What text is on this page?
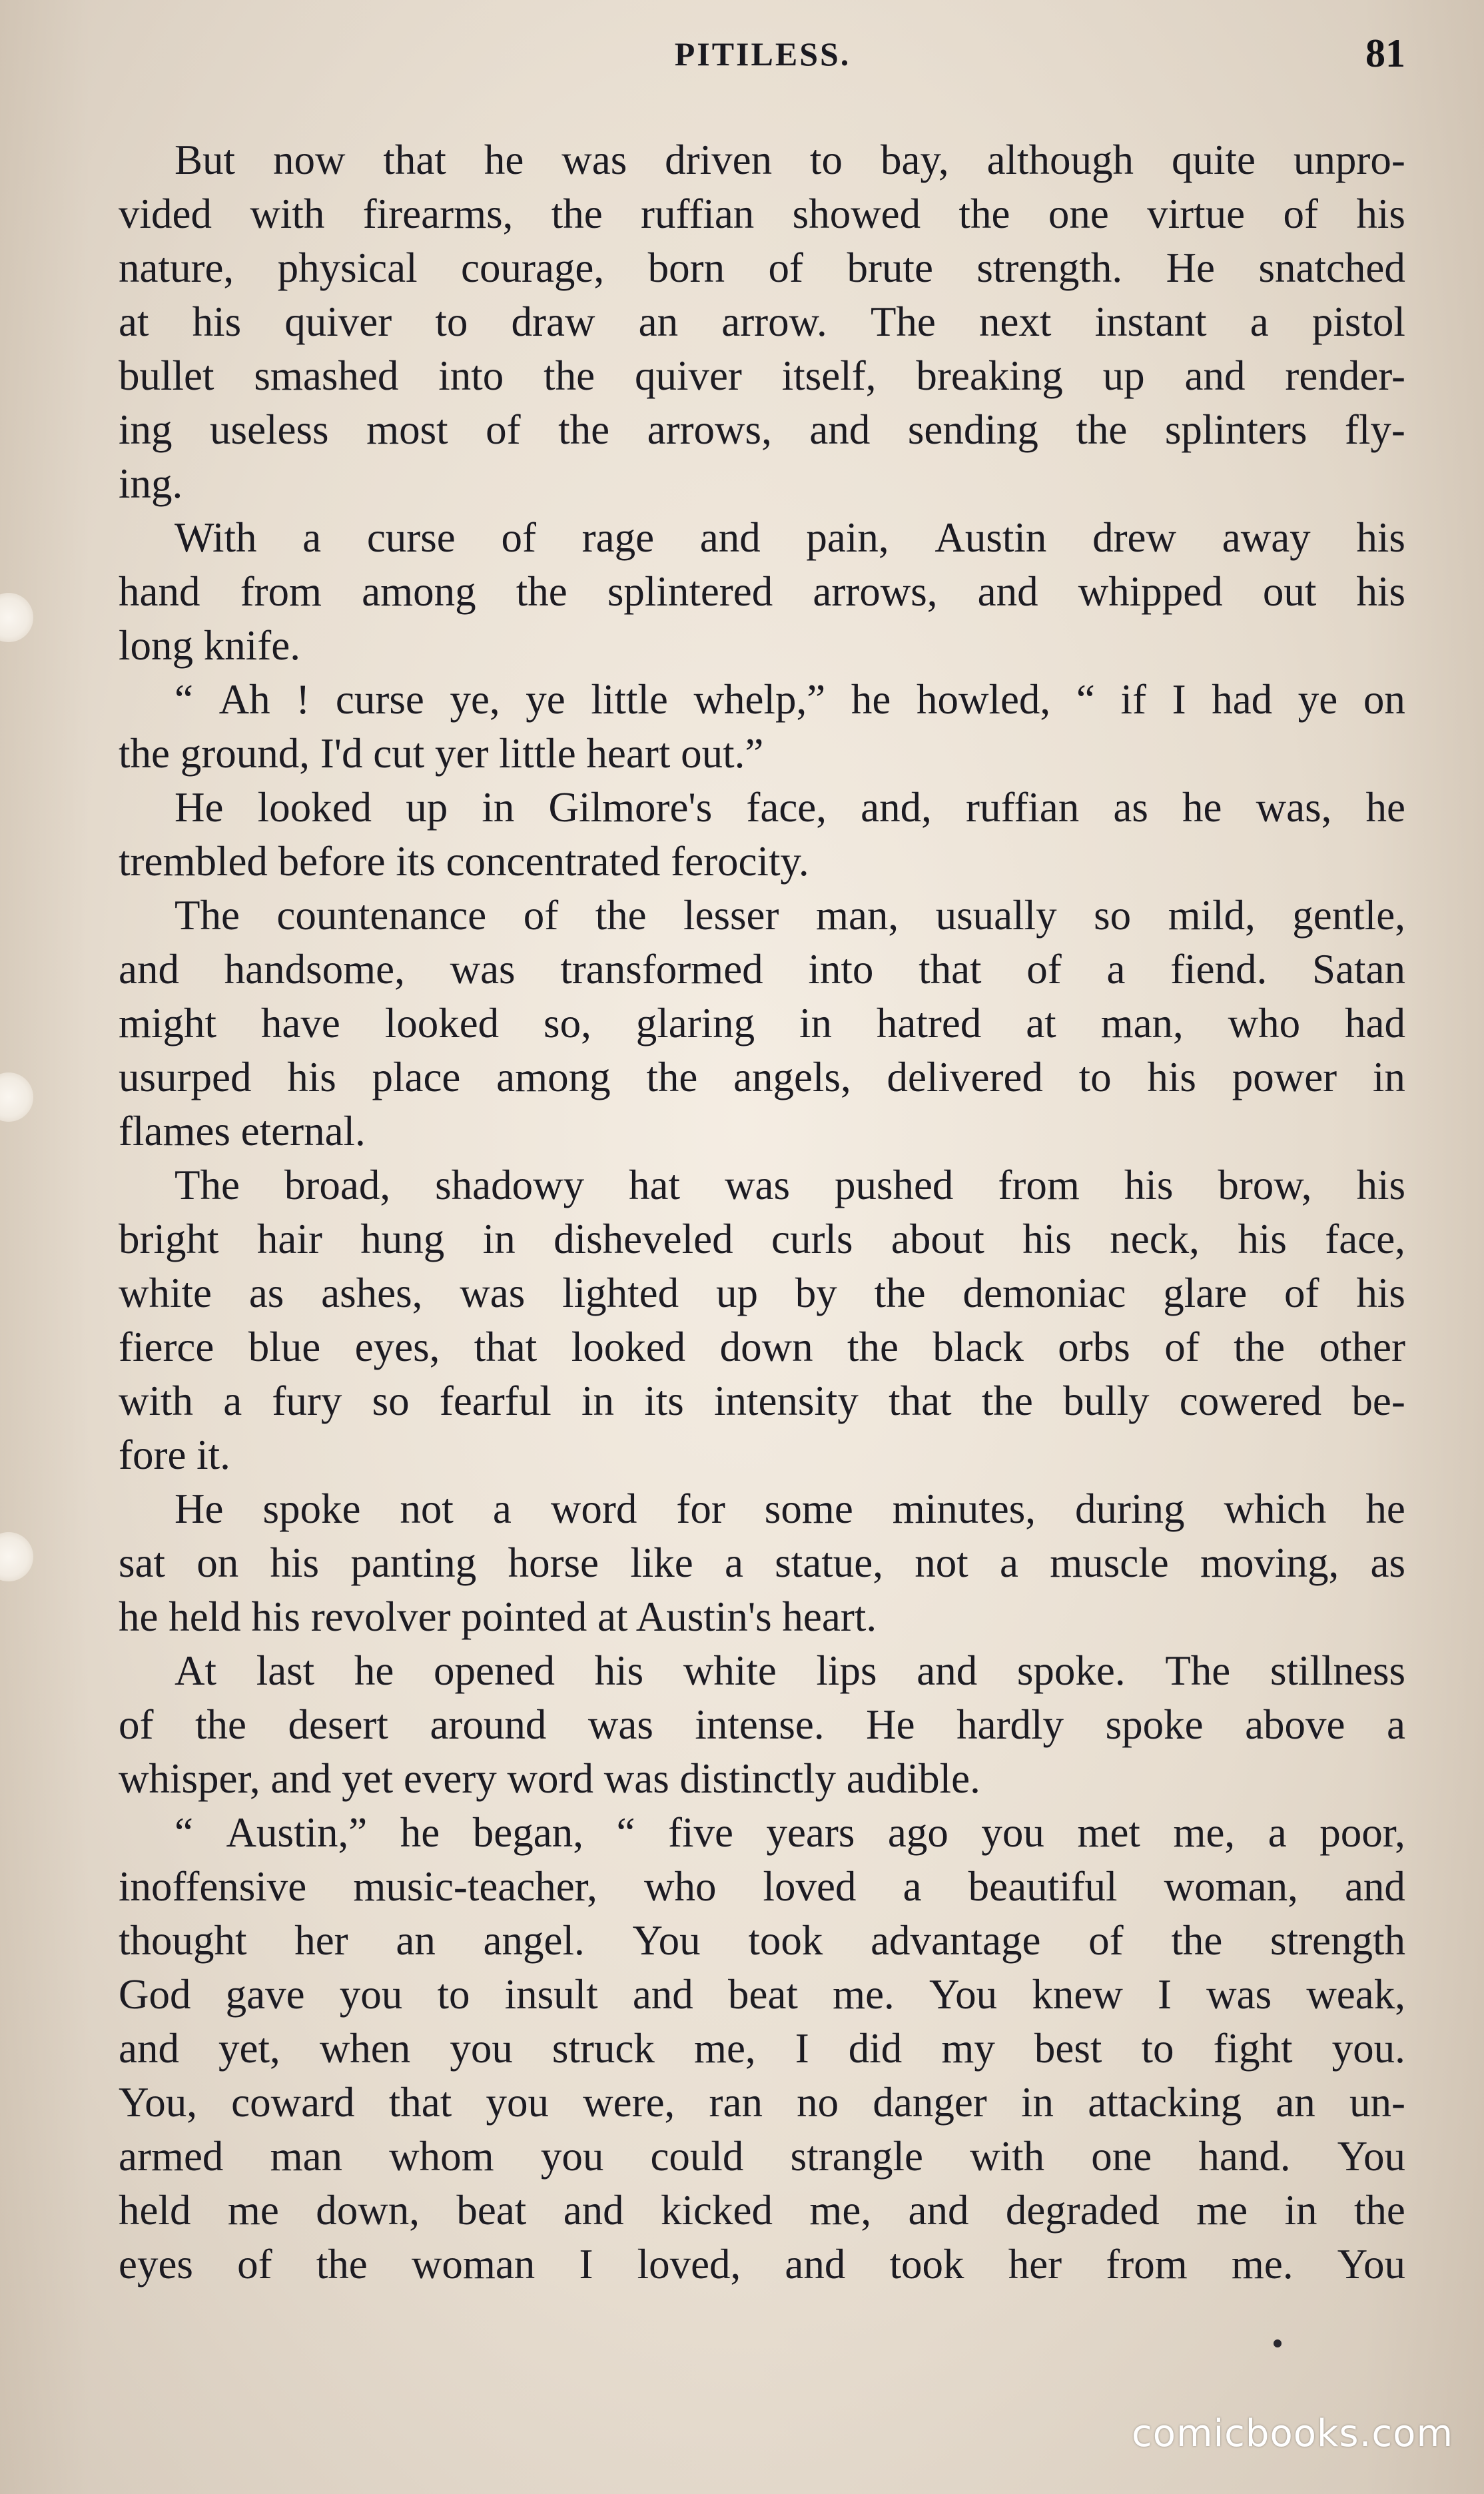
PITILESS.	81
But now that he was driven to bay, although quite unpro-
vided with firearms, the ruffian showed the one virtue of his
nature, physical courage, born of brute strength. He snatched
at his quiver to draw an arrow. The next instant a pistol
bullet smashed into the quiver itself, breaking up and render-
ing useless most of the arrows, and sending the splinters fly-
ing.
With a curse of rage and pain, Austin drew away his
hand from among the splintered arrows, and whipped out his
long knife.
“ Ah ! curse ye, ye little whelp,” he howled, “ if I had ye on
the ground, I'd cut yer little heart out.”
He looked up in Gilmore's face, and, ruffian as he was, he
trembled before its concentrated ferocity.
The countenance of the lesser man, usually so mild, gentle,
and handsome, was transformed into that of a fiend. Satan
might have looked so, glaring in hatred at man, who had
usurped his place among the angels, delivered to his power in
flames eternal.
The broad, shadowy hat was pushed from his brow, his
bright hair hung in disheveled curls about his neck, his face,
white as ashes, was lighted up by the demoniac glare of his
fierce blue eyes, that looked down the black orbs of the other
with a fury so fearful in its intensity that the bully cowered be-
fore it.
He spoke not a word for some minutes, during which he
sat on his panting horse like a statue, not a muscle moving, as
he held his revolver pointed at Austin's heart.
At last he opened his white lips and spoke. The stillness
of the desert around was intense. He hardly spoke above a
whisper, and yet every word was distinctly audible.
“ Austin,” he began, “ five years ago you met me, a poor,
inoffensive music-teacher, who loved a beautiful woman, and
thought her an angel. You took advantage of the strength
God gave you to insult and beat me. You knew I was weak,
and yet, when you struck me, I did my best to fight you.
You, coward that you were, ran no danger in attacking an un-
armed man whom you could strangle with one hand. You
held me down, beat and kicked me, and degraded me in the
eyes of the woman I loved, and took her from me. You
comicbooks.com
